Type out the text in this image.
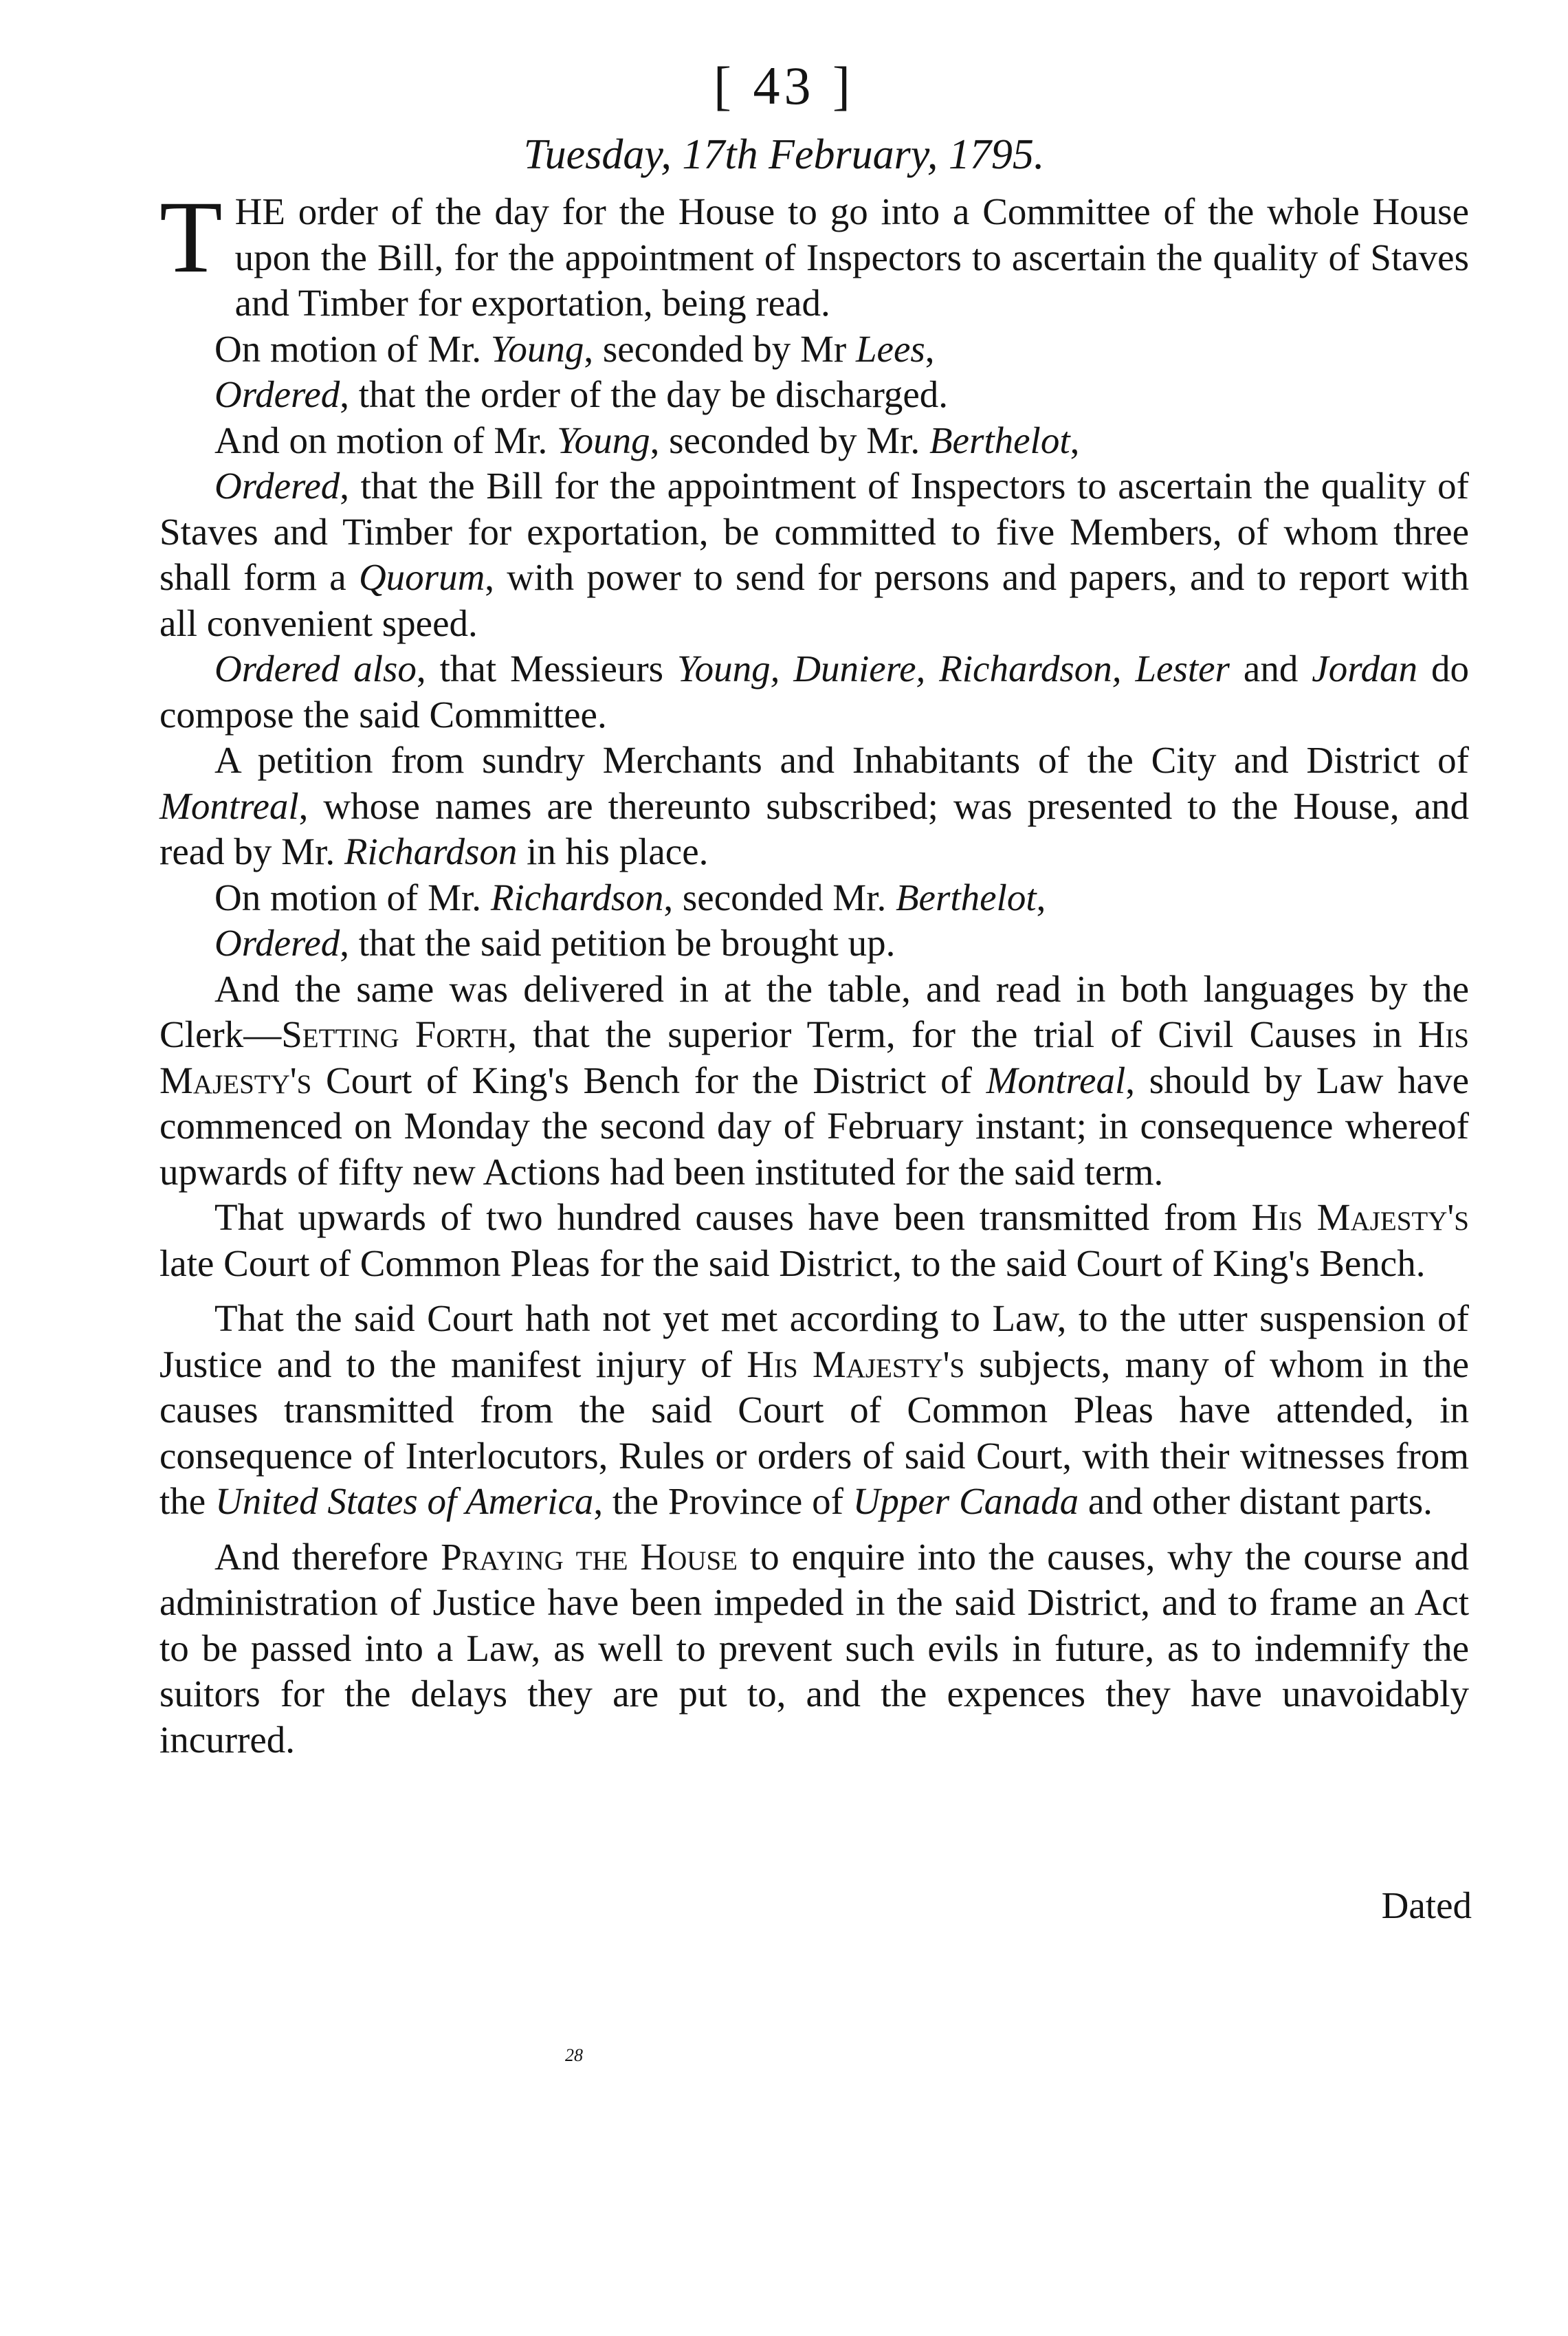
[ 43 ]
Tuesday, 17th February, 1795.

THE order of the day for the House to go into a Committee of the whole House upon the Bill, for the appointment of Inspectors to ascertain the quality of Staves and Timber for exportation, being read.

On motion of Mr. Young, seconded by Mr Lees,

Ordered, that the order of the day be discharged.

And on motion of Mr. Young, seconded by Mr. Berthelot,

Ordered, that the Bill for the appointment of Inspectors to ascertain the quality of Staves and Timber for exportation, be committed to five Members, of whom three shall form a Quorum, with power to send for persons and papers, and to report with all convenient speed.

Ordered also, that Messieurs Young, Duniere, Richardson, Lester and Jordan do compose the said Committee.

A petition from sundry Merchants and Inhabitants of the City and District of Montreal, whose names are thereunto subscribed; was presented to the House, and read by Mr. Richardson in his place.

On motion of Mr. Richardson, seconded Mr. Berthelot,

Ordered, that the said petition be brought up.

And the same was delivered in at the table, and read in both languages by the Clerk—Setting Forth, that the superior Term, for the trial of Civil Causes in His Majesty's Court of King's Bench for the District of Montreal, should by Law have commenced on Monday the second day of February instant; in consequence whereof upwards of fifty new Actions had been instituted for the said term.

That upwards of two hundred causes have been transmitted from His Majesty's late Court of Common Pleas for the said District, to the said Court of King's Bench.

That the said Court hath not yet met according to Law, to the utter suspension of Justice and to the manifest injury of His Majesty's subjects, many of whom in the causes transmitted from the said Court of Common Pleas have attended, in consequence of Interlocutors, Rules or orders of said Court, with their witnesses from the United States of America, the Province of Upper Canada and other distant parts.

And therefore Praying the House to enquire into the causes, why the course and administration of Justice have been impeded in the said District, and to frame an Act to be passed into a Law, as well to prevent such evils in future, as to indemnify the suitors for the delays they are put to, and the expences they have unavoidably incurred.

Dated
28
